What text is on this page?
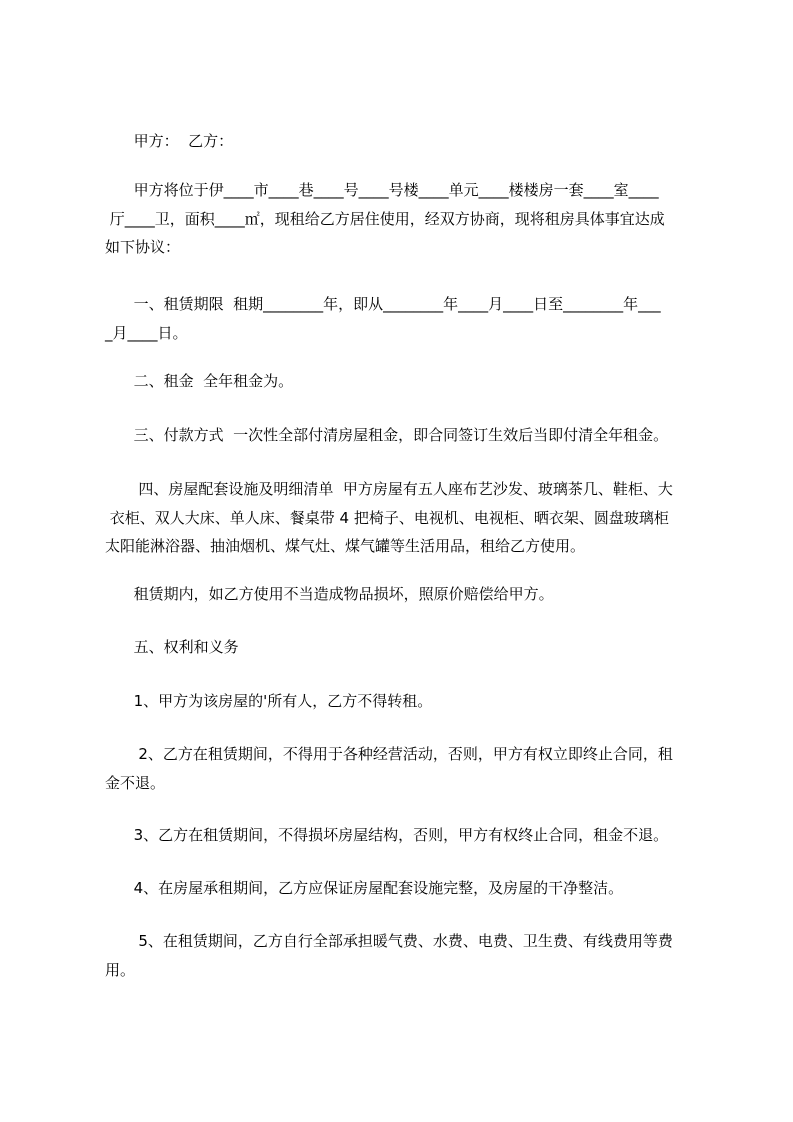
甲方：  乙方：
甲方将位于伊____市____巷____号____号楼____单元____楼楼房一套____室____
厅____卫，面积____㎡，现租给乙方居住使用，经双方协商，现将租房具体事宜达成
如下协议：
一、租赁期限  租期________年，即从________年____月____日至________年___
_月____日。
二、租金  全年租金为。
三、付款方式  一次性全部付清房屋租金，即合同签订生效后当即付清全年租金。
四、房屋配套设施及明细清单  甲方房屋有五人座布艺沙发、玻璃茶几、鞋柜、大
衣柜、双人大床、单人床、餐桌带 4 把椅子、电视机、电视柜、晒衣架、圆盘玻璃柜
太阳能淋浴器、抽油烟机、煤气灶、煤气罐等生活用品，租给乙方使用。
租赁期内，如乙方使用不当造成物品损坏，照原价赔偿给甲方。
五、权利和义务
1、甲方为该房屋的'所有人，乙方不得转租。
2、乙方在租赁期间，不得用于各种经营活动，否则，甲方有权立即终止合同，租
金不退。
3、乙方在租赁期间，不得损坏房屋结构，否则，甲方有权终止合同，租金不退。
4、在房屋承租期间，乙方应保证房屋配套设施完整，及房屋的干净整洁。
5、在租赁期间，乙方自行全部承担暖气费、水费、电费、卫生费、有线费用等费
用。
